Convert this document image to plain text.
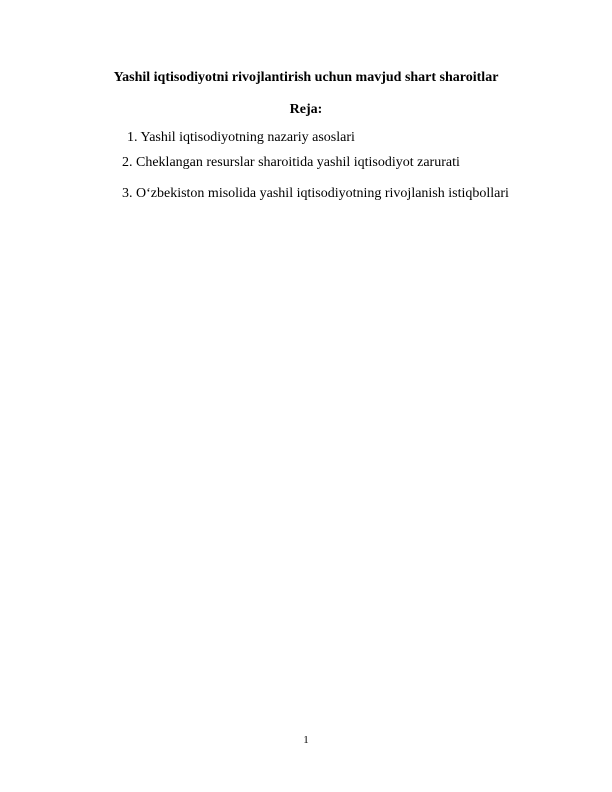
Yashil iqtisodiyotni rivojlantirish uchun mavjud shart sharoitlar
Reja:
1. Yashil iqtisodiyotning nazariy asoslari
2. Cheklangan resurslar sharoitida yashil iqtisodiyot zarurati
3. O‘zbekiston misolida yashil iqtisodiyotning rivojlanish istiqbollari
1
